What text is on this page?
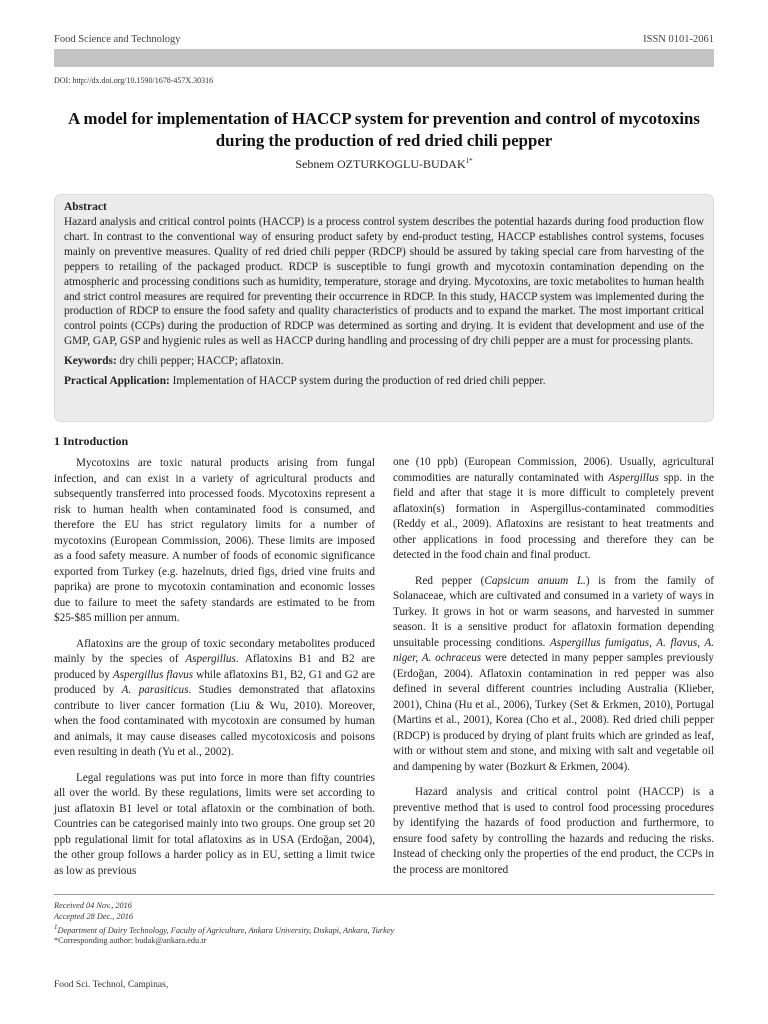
Food Science and Technology	ISSN 0101-2061
DOI: http://dx.doi.org/10.1590/1678-457X.30316
A model for implementation of HACCP system for prevention and control of mycotoxins during the production of red dried chili pepper
Sebnem OZTURKOGLU-$BUDAK^{1*}$
Abstract
Hazard analysis and critical control points (HACCP) is a process control system describes the potential hazards during food production flow chart. In contrast to the conventional way of ensuring product safety by end-product testing, HACCP establishes control systems, focuses mainly on preventive measures. Quality of red dried chili pepper (RDCP) should be assured by taking special care from harvesting of the peppers to retailing of the packaged product. RDCP is susceptible to fungi growth and mycotoxin contamination depending on the atmospheric and processing conditions such as humidity, temperature, storage and drying. Mycotoxins, are toxic metabolites to human health and strict control measures are required for preventing their occurrence in RDCP. In this study, HACCP system was implemented during the production of RDCP to ensure the food safety and quality characteristics of products and to expand the market. The most important critical control points (CCPs) during the production of RDCP was determined as sorting and drying. It is evident that development and use of the GMP, GAP, GSP and hygienic rules as well as HACCP during handling and processing of dry chili pepper are a must for processing plants.
Keywords: dry chili pepper; HACCP; aflatoxin.
Practical Application: Implementation of HACCP system during the production of red dried chili pepper.
1 Introduction

Mycotoxins are toxic natural products arising from fungal infection, and can exist in a variety of agricultural products and subsequently transferred into processed foods. Mycotoxins represent a risk to human health when contaminated food is consumed, and therefore the EU has strict regulatory limits for a number of mycotoxins (European Commission, 2006). These limits are imposed as a food safety measure. A number of foods of economic significance exported from Turkey (e.g. hazelnuts, dried figs, dried vine fruits and paprika) are prone to mycotoxin contamination and economic losses due to failure to meet the safety standards are estimated to be from $25-$85 million per annum.

Aflatoxins are the group of toxic secondary metabolites produced mainly by the species of Aspergillus. Aflatoxins B1 and B2 are produced by Aspergillus flavus while aflatoxins B1, B2, G1 and G2 are produced by A. parasiticus. Studies demonstrated that aflatoxins contribute to liver cancer formation (Liu & Wu, 2010). Moreover, when the food contaminated with mycotoxin are consumed by human and animals, it may cause diseases called mycotoxicosis and poisons even resulting in death (Yu et al., 2002).

Legal regulations was put into force in more than fifty countries all over the world. By these regulations, limits were set according to just aflatoxin B1 level or total aflatoxin or the combination of both. Countries can be categorised mainly into two groups. One group set 20 ppb regulational limit for total aflatoxins as in USA (Erdoğan, 2004), the other group follows a harder policy as in EU, setting a limit twice as low as previous

one (10 ppb) (European Commission, 2006). Usually, agricultural commodities are naturally contaminated with Aspergillus spp. in the field and after that stage it is more difficult to completely prevent aflatoxin(s) formation in Aspergillus-contaminated commodities (Reddy et al., 2009). Aflatoxins are resistant to heat treatments and other applications in food processing and therefore they can be detected in the food chain and final product.

Red pepper (Capsicum anuum L.) is from the family of Solanaceae, which are cultivated and consumed in a variety of ways in Turkey. It grows in hot or warm seasons, and harvested in summer season. It is a sensitive product for aflatoxin formation depending unsuitable processing conditions. Aspergillus fumigatus, A. flavus, A. niger, A. ochraceus were detected in many pepper samples previously (Erdoğan, 2004). Aflatoxin contamination in red pepper was also defined in several different countries including Australia (Klieber, 2001), China (Hu et al., 2006), Turkey (Set & Erkmen, 2010), Portugal (Martins et al., 2001), Korea (Cho et al., 2008). Red dried chili pepper (RDCP) is produced by drying of plant fruits which are grinded as leaf, with or without stem and stone, and mixing with salt and vegetable oil and dampening by water (Bozkurt & Erkmen, 2004).

Hazard analysis and critical control point (HACCP) is a preventive method that is used to control food processing procedures by identifying the hazards of food production and furthermore, to ensure food safety by controlling the hazards and reducing the risks. Instead of checking only the properties of the end product, the CCPs in the process are monitored

Received 04 Nov., 2016
Accepted 28 Dec., 2016
$^1$Department of Dairy Technology, Faculty of Agriculture, Ankara University, Dıskapi, Ankara, Turkey
*Corresponding author: budak@ankara.edu.tr
Food Sci. Technol, Campinas,
